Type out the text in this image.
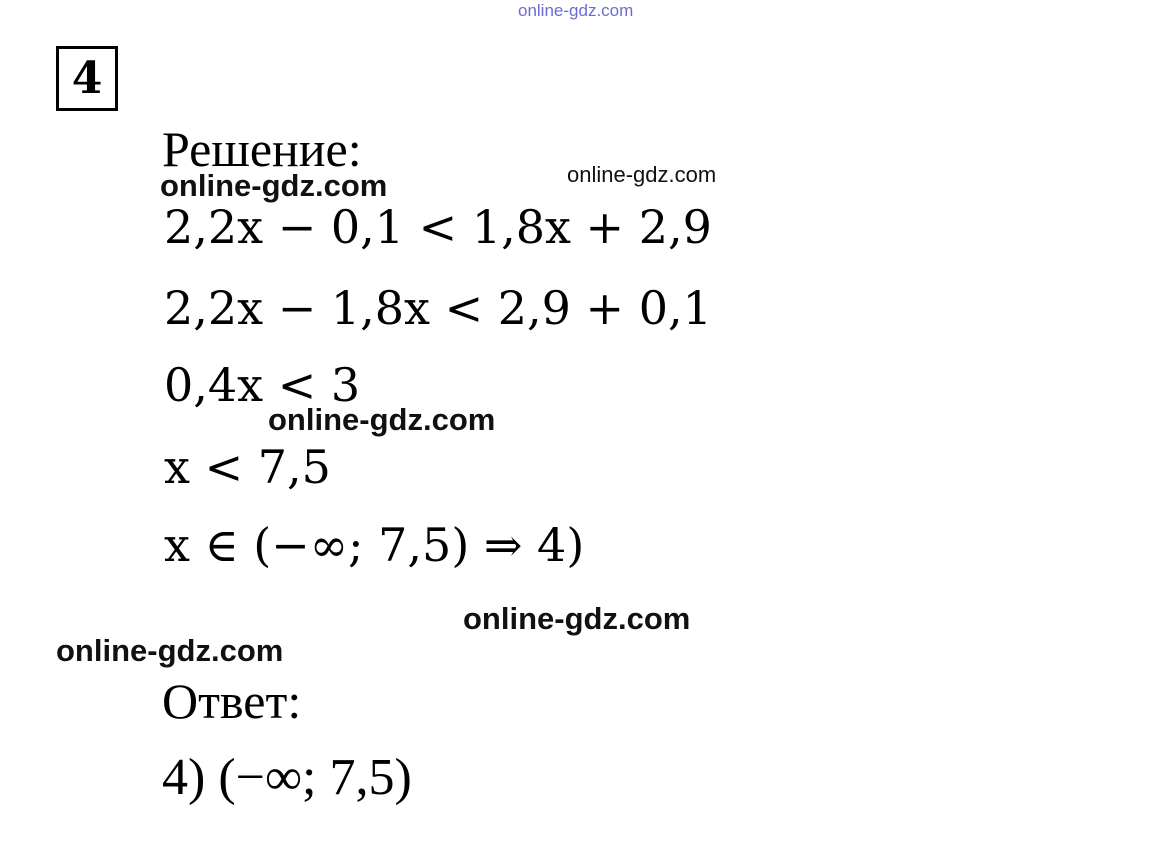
online-gdz.com
4
Решение:
online-gdz.com	online-gdz.com
2,2x − 0,1 < 1,8x + 2,9
2,2x − 1,8x < 2,9 + 0,1
0,4x < 3
online-gdz.com
x < 7,5
x ∈ (−∞; 7,5) ⇒ 4)
online-gdz.com
online-gdz.com
Ответ:
4) (−∞; 7,5)
